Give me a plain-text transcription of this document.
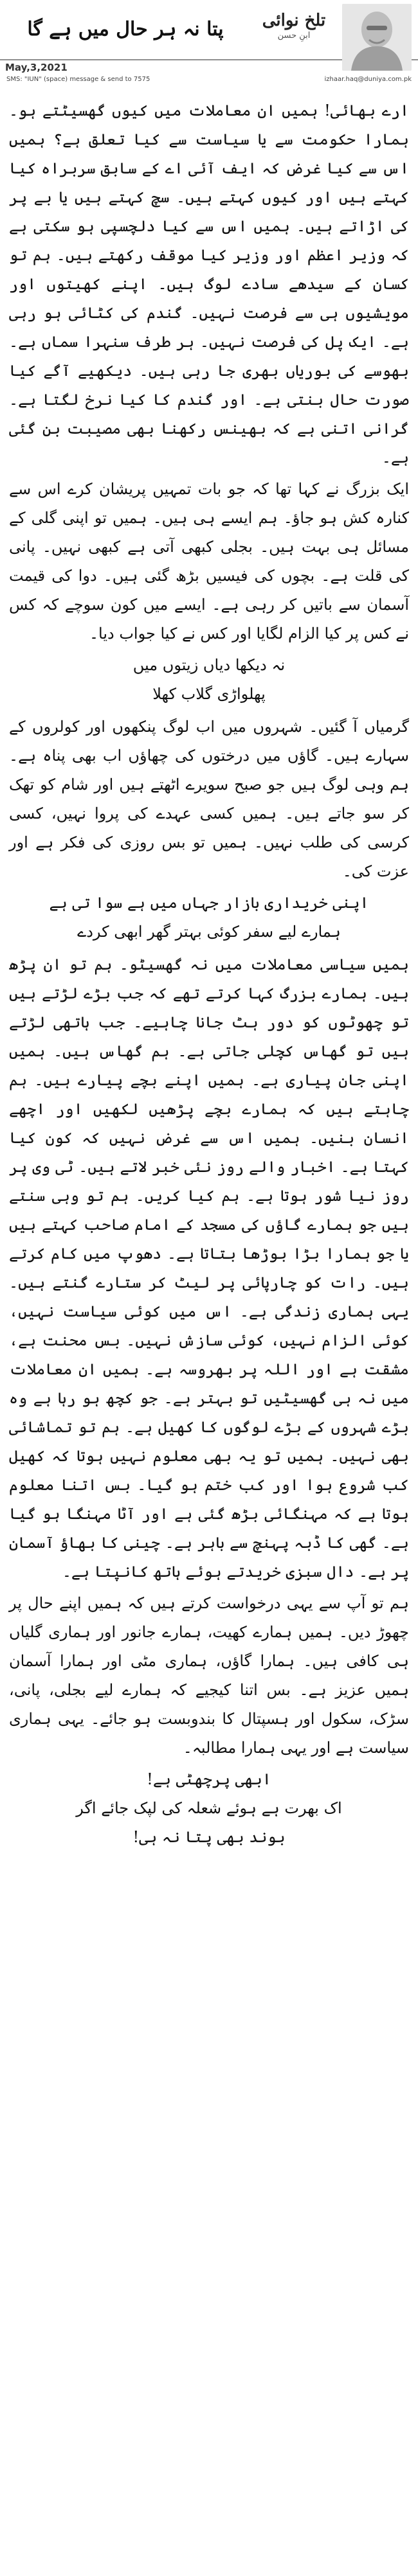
پتا نہ ہر حال میں ہے گا	تلخ نوائی
ابنِ حسن
May,3,2021
SMS: "IUN" (space) message & send to 7575	izhaar.haq@duniya.com.pk

ارے بھائی! ہمیں ان معاملات میں کیوں گھسیٹتے ہو۔ ہمارا حکومت سے یا سیاست سے کیا تعلق ہے؟ ہمیں اس سے کیا غرض کہ ایف آئی اے کے سابق سربراہ کیا کہتے ہیں اور کیوں کہتے ہیں۔ سچ کہتے ہیں یا بے پر کی اڑاتے ہیں۔ ہمیں اس سے کیا دلچسپی ہو سکتی ہے کہ وزیر اعظم اور وزیر کیا موقف رکھتے ہیں۔ ہم تو کسان کے سیدھے سادے لوگ ہیں۔ اپنے کھیتوں اور مویشیوں ہی سے فرصت نہیں۔ گندم کی کٹائی ہو رہی ہے۔ ایک پل کی فرصت نہیں۔ ہر طرف سنہرا سماں ہے۔ بھوسے کی بوریاں بھری جا رہی ہیں۔ دیکھیے آگے کیا صورت حال بنتی ہے۔ اور گندم کا کیا نرخ لگتا ہے۔ گرانی اتنی ہے کہ بھینس رکھنا بھی مصیبت بن گئی ہے۔

ایک بزرگ نے کہا تھا کہ جو بات تمہیں پریشان کرے اس سے کنارہ کش ہو جاؤ۔ ہم ایسے ہی ہیں۔ ہمیں تو اپنی گلی کے مسائل ہی بہت ہیں۔ بجلی کبھی آتی ہے کبھی نہیں۔ پانی کی قلت ہے۔ بچوں کی فیسیں بڑھ گئی ہیں۔ دوا کی قیمت آسمان سے باتیں کر رہی ہے۔ ایسے میں کون سوچے کہ کس نے کس پر کیا الزام لگایا اور کس نے کیا جواب دیا۔

نہ دیکھا دیاں زیتوں میں
پھلواڑی گلاب کھلا

گرمیاں آ گئیں۔ شہروں میں اب لوگ پنکھوں اور کولروں کے سہارے ہیں۔ گاؤں میں درختوں کی چھاؤں اب بھی پناہ ہے۔ ہم وہی لوگ ہیں جو صبح سویرے اٹھتے ہیں اور شام کو تھک کر سو جاتے ہیں۔ ہمیں کسی عہدے کی پروا نہیں، کسی کرسی کی طلب نہیں۔ ہمیں تو بس روزی کی فکر ہے اور عزت کی۔

اپنی خریداری بازار جہاں میں ہے سوا تی ہے
ہمارے لیے سفر کوئی بہتر گھر ابھی کردے

ہمیں سیاسی معاملات میں نہ گھسیٹو۔ ہم تو ان پڑھ ہیں۔ ہمارے بزرگ کہا کرتے تھے کہ جب بڑے لڑتے ہیں تو چھوٹوں کو دور ہٹ جانا چاہیے۔ جب ہاتھی لڑتے ہیں تو گھاس کچلی جاتی ہے۔ ہم گھاس ہیں۔ ہمیں اپنی جان پیاری ہے۔ ہمیں اپنے بچے پیارے ہیں۔ ہم چاہتے ہیں کہ ہمارے بچے پڑھیں لکھیں اور اچھے انسان بنیں۔ ہمیں اس سے غرض نہیں کہ کون کیا کہتا ہے۔ اخبار والے روز نئی خبر لاتے ہیں۔ ٹی وی پر روز نیا شور ہوتا ہے۔ ہم کیا کریں۔ ہم تو وہی سنتے ہیں جو ہمارے گاؤں کی مسجد کے امام صاحب کہتے ہیں یا جو ہمارا بڑا بوڑھا بتاتا ہے۔ دھوپ میں کام کرتے ہیں۔ رات کو چارپائی پر لیٹ کر ستارے گنتے ہیں۔ یہی ہماری زندگی ہے۔ اس میں کوئی سیاست نہیں، کوئی الزام نہیں، کوئی سازش نہیں۔ بس محنت ہے، مشقت ہے اور اللہ پر بھروسہ ہے۔ ہمیں ان معاملات میں نہ ہی گھسیٹیں تو بہتر ہے۔ جو کچھ ہو رہا ہے وہ بڑے شہروں کے بڑے لوگوں کا کھیل ہے۔ ہم تو تماشائی بھی نہیں۔ ہمیں تو یہ بھی معلوم نہیں ہوتا کہ کھیل کب شروع ہوا اور کب ختم ہو گیا۔ بس اتنا معلوم ہوتا ہے کہ مہنگائی بڑھ گئی ہے اور آٹا مہنگا ہو گیا ہے۔ گھی کا ڈبہ پہنچ سے باہر ہے۔ چینی کا بھاؤ آسمان پر ہے۔ دال سبزی خریدتے ہوئے ہاتھ کانپتا ہے۔

ہم تو آپ سے یہی درخواست کرتے ہیں کہ ہمیں اپنے حال پر چھوڑ دیں۔ ہمیں ہمارے کھیت، ہمارے جانور اور ہماری گلیاں ہی کافی ہیں۔ ہمارا گاؤں، ہماری مٹی اور ہمارا آسمان ہمیں عزیز ہے۔ بس اتنا کیجیے کہ ہمارے لیے بجلی، پانی، سڑک، سکول اور ہسپتال کا بندوبست ہو جائے۔ یہی ہماری سیاست ہے اور یہی ہمارا مطالبہ۔

ابھی پرچھٹی ہے!
اک بھرت ہے ہوئے شعلہ کی لپک جائے اگر
بوند بھی پتا نہ ہی!
